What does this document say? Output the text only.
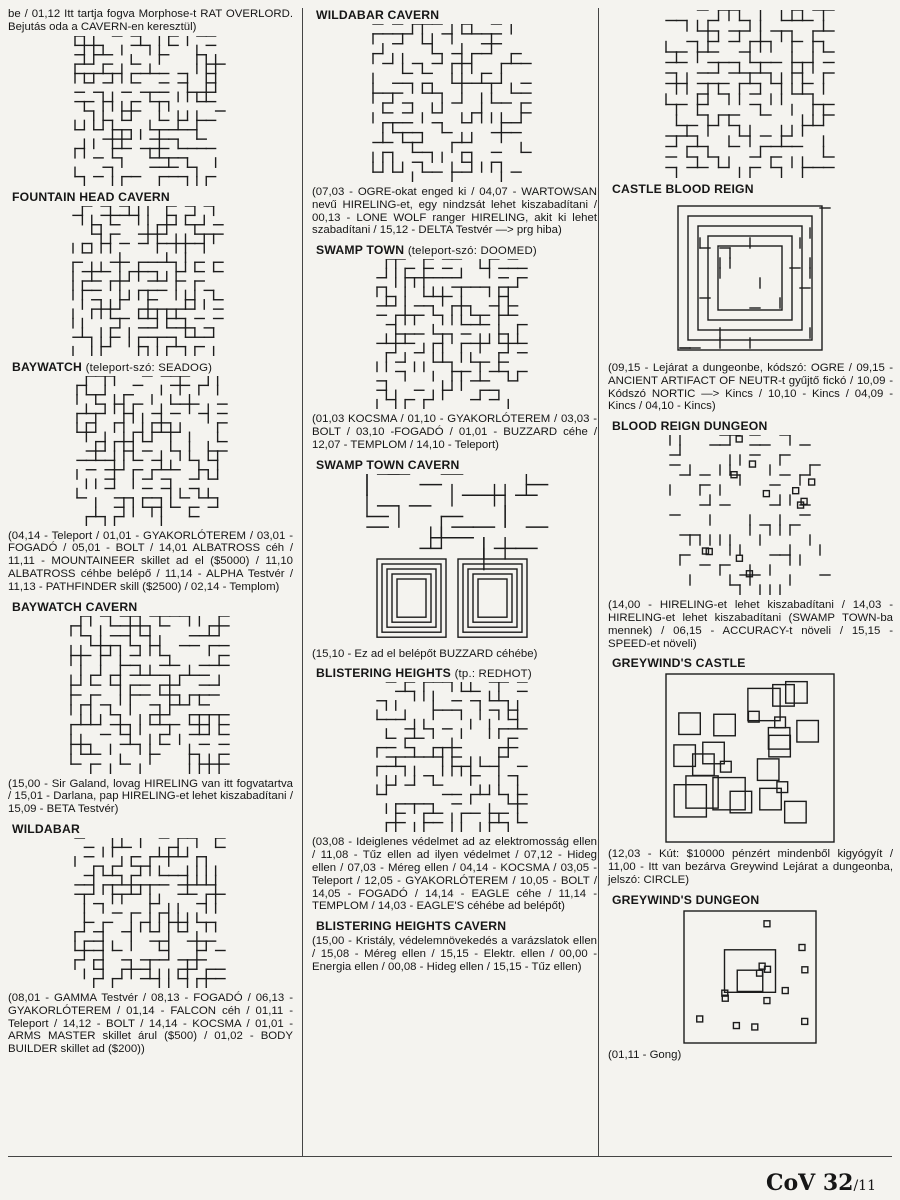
be / 01,12 Itt tartja fogva Morphose-t RAT OVERLORD. Bejutás oda a CAVERN-en keresztül)

FOUNTAIN HEAD CAVERN

BAYWATCH (teleport-szó: SEADOG)

(04,14 - Teleport / 01,01 - GYAKORLÓTEREM / 03,01 - FOGADÓ / 05,01 - BOLT / 14,01 ALBATROSS céh / 11,11 - MOUNTAINEER skillet ad el ($5000) / 11,10 ALBATROSS céhbe belépő / 11,14 - ALPHA Testvér / 11,13 - PATHFINDER skill ($2500) / 02,14 - Templom)

BAYWATCH CAVERN

(15,00 - Sir Galand, lovag HIRELING van itt fogvatartva / 15,01 - Darlana, pap HIRELING-et lehet kiszabadítani / 15,09 - BETA Testvér)

WILDABAR

(08,01 - GAMMA Testvér / 08,13 - FOGADÓ / 06,13 - GYAKORLÓTEREM / 01,14 - FALCON céh / 01,11 - Teleport / 14,12 - BOLT / 14,14 - KOCSMA / 01,01 - ARMS MASTER skillet árul ($500) / 01,02 - BODY BUILDER skillet ad ($200))

WILDABAR CAVERN

(07,03 - OGRE-okat enged ki / 04,07 - WARTOWSAN nevű HIRELING-et, egy nindzsát lehet kiszabadítani / 00,13 - LONE WOLF ranger HIRELING, akit ki lehet szabadítani / 15,12 - DELTA Testvér —> prg hiba)

SWAMP TOWN (teleport-szó: DOOMED)

(01,03 KOCSMA / 01,10 - GYAKORLÓTEREM / 03,03 - BOLT / 03,10 -FOGADÓ / 01,01 - BUZZARD céhe / 12,07 - TEMPLOM / 14,10 - Teleport)

SWAMP TOWN CAVERN

(15,10 - Ez ad el belépőt BUZZARD céhébe)

BLISTERING HEIGHTS (tp.: REDHOT)

(03,08 - Ideiglenes védelmet ad az elektromosság ellen / 11,08 - Tűz ellen ad ilyen védelmet / 07,12 - Hideg ellen / 07,03 - Méreg ellen / 04,14 - KOCSMA / 03,05 - Teleport / 12,05 - GYAKORLÓTEREM / 10,05 - BOLT / 14,05 - FOGADÓ / 14,14 - EAGLE céhe / 11,14 - TEMPLOM / 14,03 - EAGLE'S céhébe ad belépőt)

BLISTERING HEIGHTS CAVERN

(15,00 - Kristály, védelemnövekedés a varázslatok ellen / 15,08 - Méreg ellen / 15,15 - Elektr. ellen / 00,00 - Energia ellen / 00,08 - Hideg ellen / 15,15 - Tűz ellen)

CASTLE BLOOD REIGN

(09,15 - Lejárat a dungeonbe, kódszó: OGRE / 09,15 - ANCIENT ARTIFACT OF NEUTR-t gyűjtő fickó / 10,09 - Kódszó NORTIC —> Kincs / 10,10 - Kincs / 04,09 - Kincs / 04,10 - Kincs)

BLOOD REIGN DUNGEON

(14,00 - HIRELING-et lehet kiszabadítani / 14,03 - HIRELING-et lehet kiszabadítani (SWAMP TOWN-ba mennek) / 06,15 - ACCURACY-t növeli / 15,15 - SPEED-et növeli)

GREYWIND'S CASTLE

(12,03 - Kút: $10000 pénzért mindenből kigyógyít / 11,00 - Itt van bezárva Greywind Lejárat a dungeonba, jelszó: CIRCLE)

GREYWIND'S DUNGEON

(01,11 - Gong)

CoV 32/11
